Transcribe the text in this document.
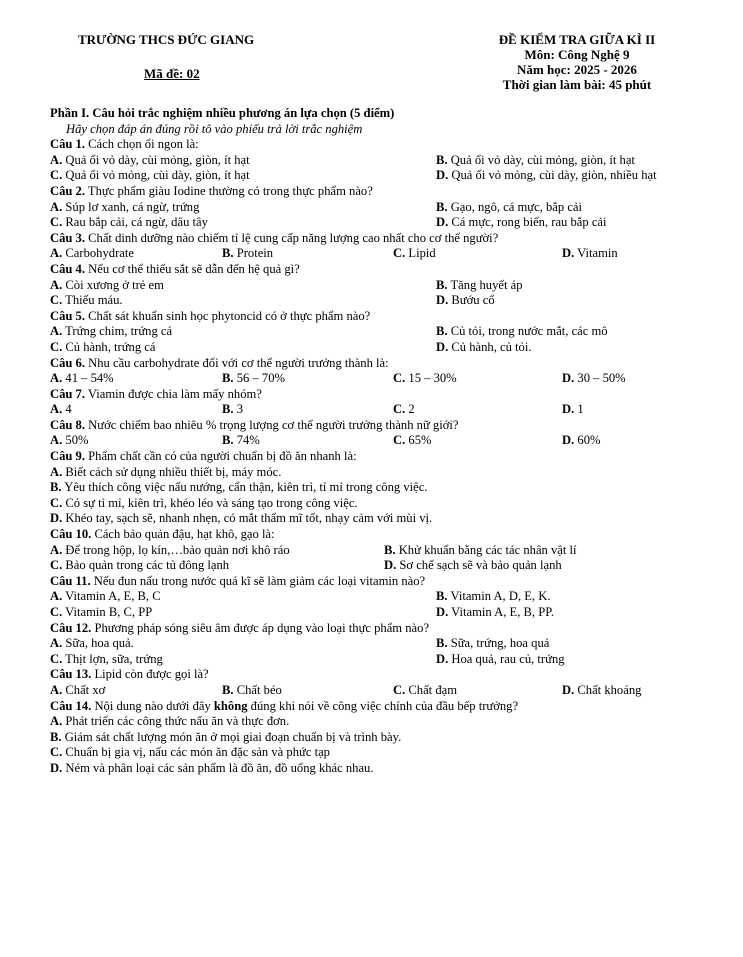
TRƯỜNG THCS ĐỨC GIANG
Mã đề: 02
ĐỀ KIỂM TRA GIỮA KÌ II
Môn: Công Nghệ 9
Năm học: 2025 - 2026
Thời gian làm bài: 45 phút
Phần I. Câu hỏi trắc nghiệm nhiều phương án lựa chọn (5 điểm)
Hãy chọn đáp án đúng rồi tô vào phiếu trả lời trắc nghiệm
Câu 1. Cách chọn ổi ngon là:
A. Quả ổi vỏ dày, cùi mỏng, giòn, ít hạt	B. Quả ổi vỏ dày, cùi mỏng, giòn, ít hạt
C. Quả ổi vỏ mỏng, cùi dày, giòn, ít hạt	D. Quả ổi vỏ mỏng, cùi dày, giòn, nhiều hạt
Câu 2. Thực phẩm giàu Iodine thường có trong thực phẩm nào?
A. Súp lơ xanh, cá ngừ, trứng	B. Gạo, ngô, cá mực, bắp cải
C. Rau bắp cải, cá ngừ, dâu tây	D. Cá mực, rong biển, rau bắp cải
Câu 3. Chất dinh dưỡng nào chiếm tỉ lệ cung cấp năng lượng cao nhất cho cơ thể người?
A. Carbohydrate	B. Protein	C. Lipid	D. Vitamin
Câu 4. Nếu cơ thể thiếu sắt sẽ dẫn đến hệ quả gì?
A. Còi xương ở trẻ em	B. Tăng huyết áp
C. Thiếu máu.	D. Bướu cổ
Câu 5. Chất sát khuẩn sinh học phytoncid có ở thực phẩm nào?
A. Trứng chim, trứng cá	B. Củ tỏi, trong nước mắt, các mô
C. Củ hành, trứng cá	D. Củ hành, củ tỏi.
Câu 6. Nhu cầu carbohydrate đối với cơ thể người trưởng thành là:
A. 41 – 54%	B. 56 – 70%	C. 15 – 30%	D. 30 – 50%
Câu 7. Viamin được chia làm mấy nhóm?
A. 4	B. 3	C. 2	D. 1
Câu 8. Nước chiếm bao nhiêu % trọng lượng cơ thể người trưởng thành nữ giới?
A. 50%	B. 74%	C. 65%	D. 60%
Câu 9. Phẩm chất cần có của người chuẩn bị đồ ăn nhanh là:
A. Biết cách sử dụng nhiều thiết bị, máy móc.
B. Yêu thích công việc nấu nướng, cẩn thận, kiên trì, tỉ mỉ trong công việc.
C. Có sự tỉ mỉ, kiên trì, khéo léo và sáng tạo trong công việc.
D. Khéo tay, sạch sẽ, nhanh nhẹn, có mắt thẩm mĩ tốt, nhạy cảm với mùi vị.
Câu 10. Cách bảo quản đậu, hạt khô, gạo là:
A. Để trong hộp, lọ kín,…bảo quản nơi khô ráo	B. Khử khuẩn bằng các tác nhân vật lí
C. Bảo quản trong các tủ đông lạnh	D. Sơ chế sạch sẽ và bảo quản lạnh
Câu 11. Nếu đun nấu trong nước quá kĩ sẽ làm giảm các loại vitamin nào?
A. Vitamin A, E, B, C	B. Vitamin A, D, E, K.
C. Vitamin B, C, PP	D. Vitamin A, E, B, PP.
Câu 12. Phương pháp sóng siêu âm được áp dụng vào loại thực phẩm nào?
A. Sữa, hoa quả.	B. Sữa, trứng, hoa quả
C. Thịt lợn, sữa, trứng	D. Hoa quả, rau củ, trứng
Câu 13. Lipid còn được gọi là?
A. Chất xơ	B. Chất béo	C. Chất đạm	D. Chất khoáng
Câu 14. Nội dung nào dưới đây không đúng khi nói về công việc chính của đầu bếp trưởng?
A. Phát triển các công thức nấu ăn và thực đơn.
B. Giám sát chất lượng món ăn ở mọi giai đoạn chuẩn bị và trình bày.
C. Chuẩn bị gia vị, nấu các món ăn đặc sản và phức tạp
D. Ném và phân loại các sản phẩm là đồ ăn, đồ uống khác nhau.
